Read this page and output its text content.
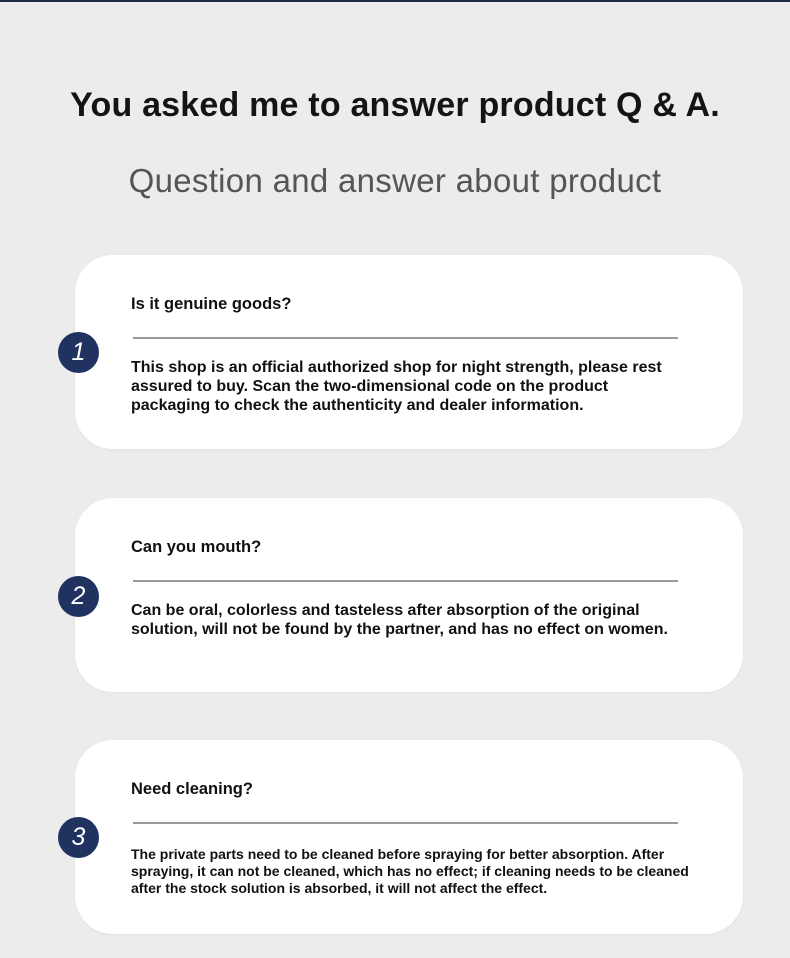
You asked me to answer product Q & A.
Question and answer about product
Is it genuine goods?
This shop is an official authorized shop for night strength, please rest assured to buy. Scan the two-dimensional code on the product packaging to check the authenticity and dealer information.
1
Can you mouth?
Can be oral, colorless and tasteless after absorption of the original solution, will not be found by the partner, and has no effect on women.
2
Need cleaning?
The private parts need to be cleaned before spraying for better absorption. After spraying, it can not be cleaned, which has no effect; if cleaning needs to be cleaned after the stock solution is absorbed, it will not affect the effect.
3
